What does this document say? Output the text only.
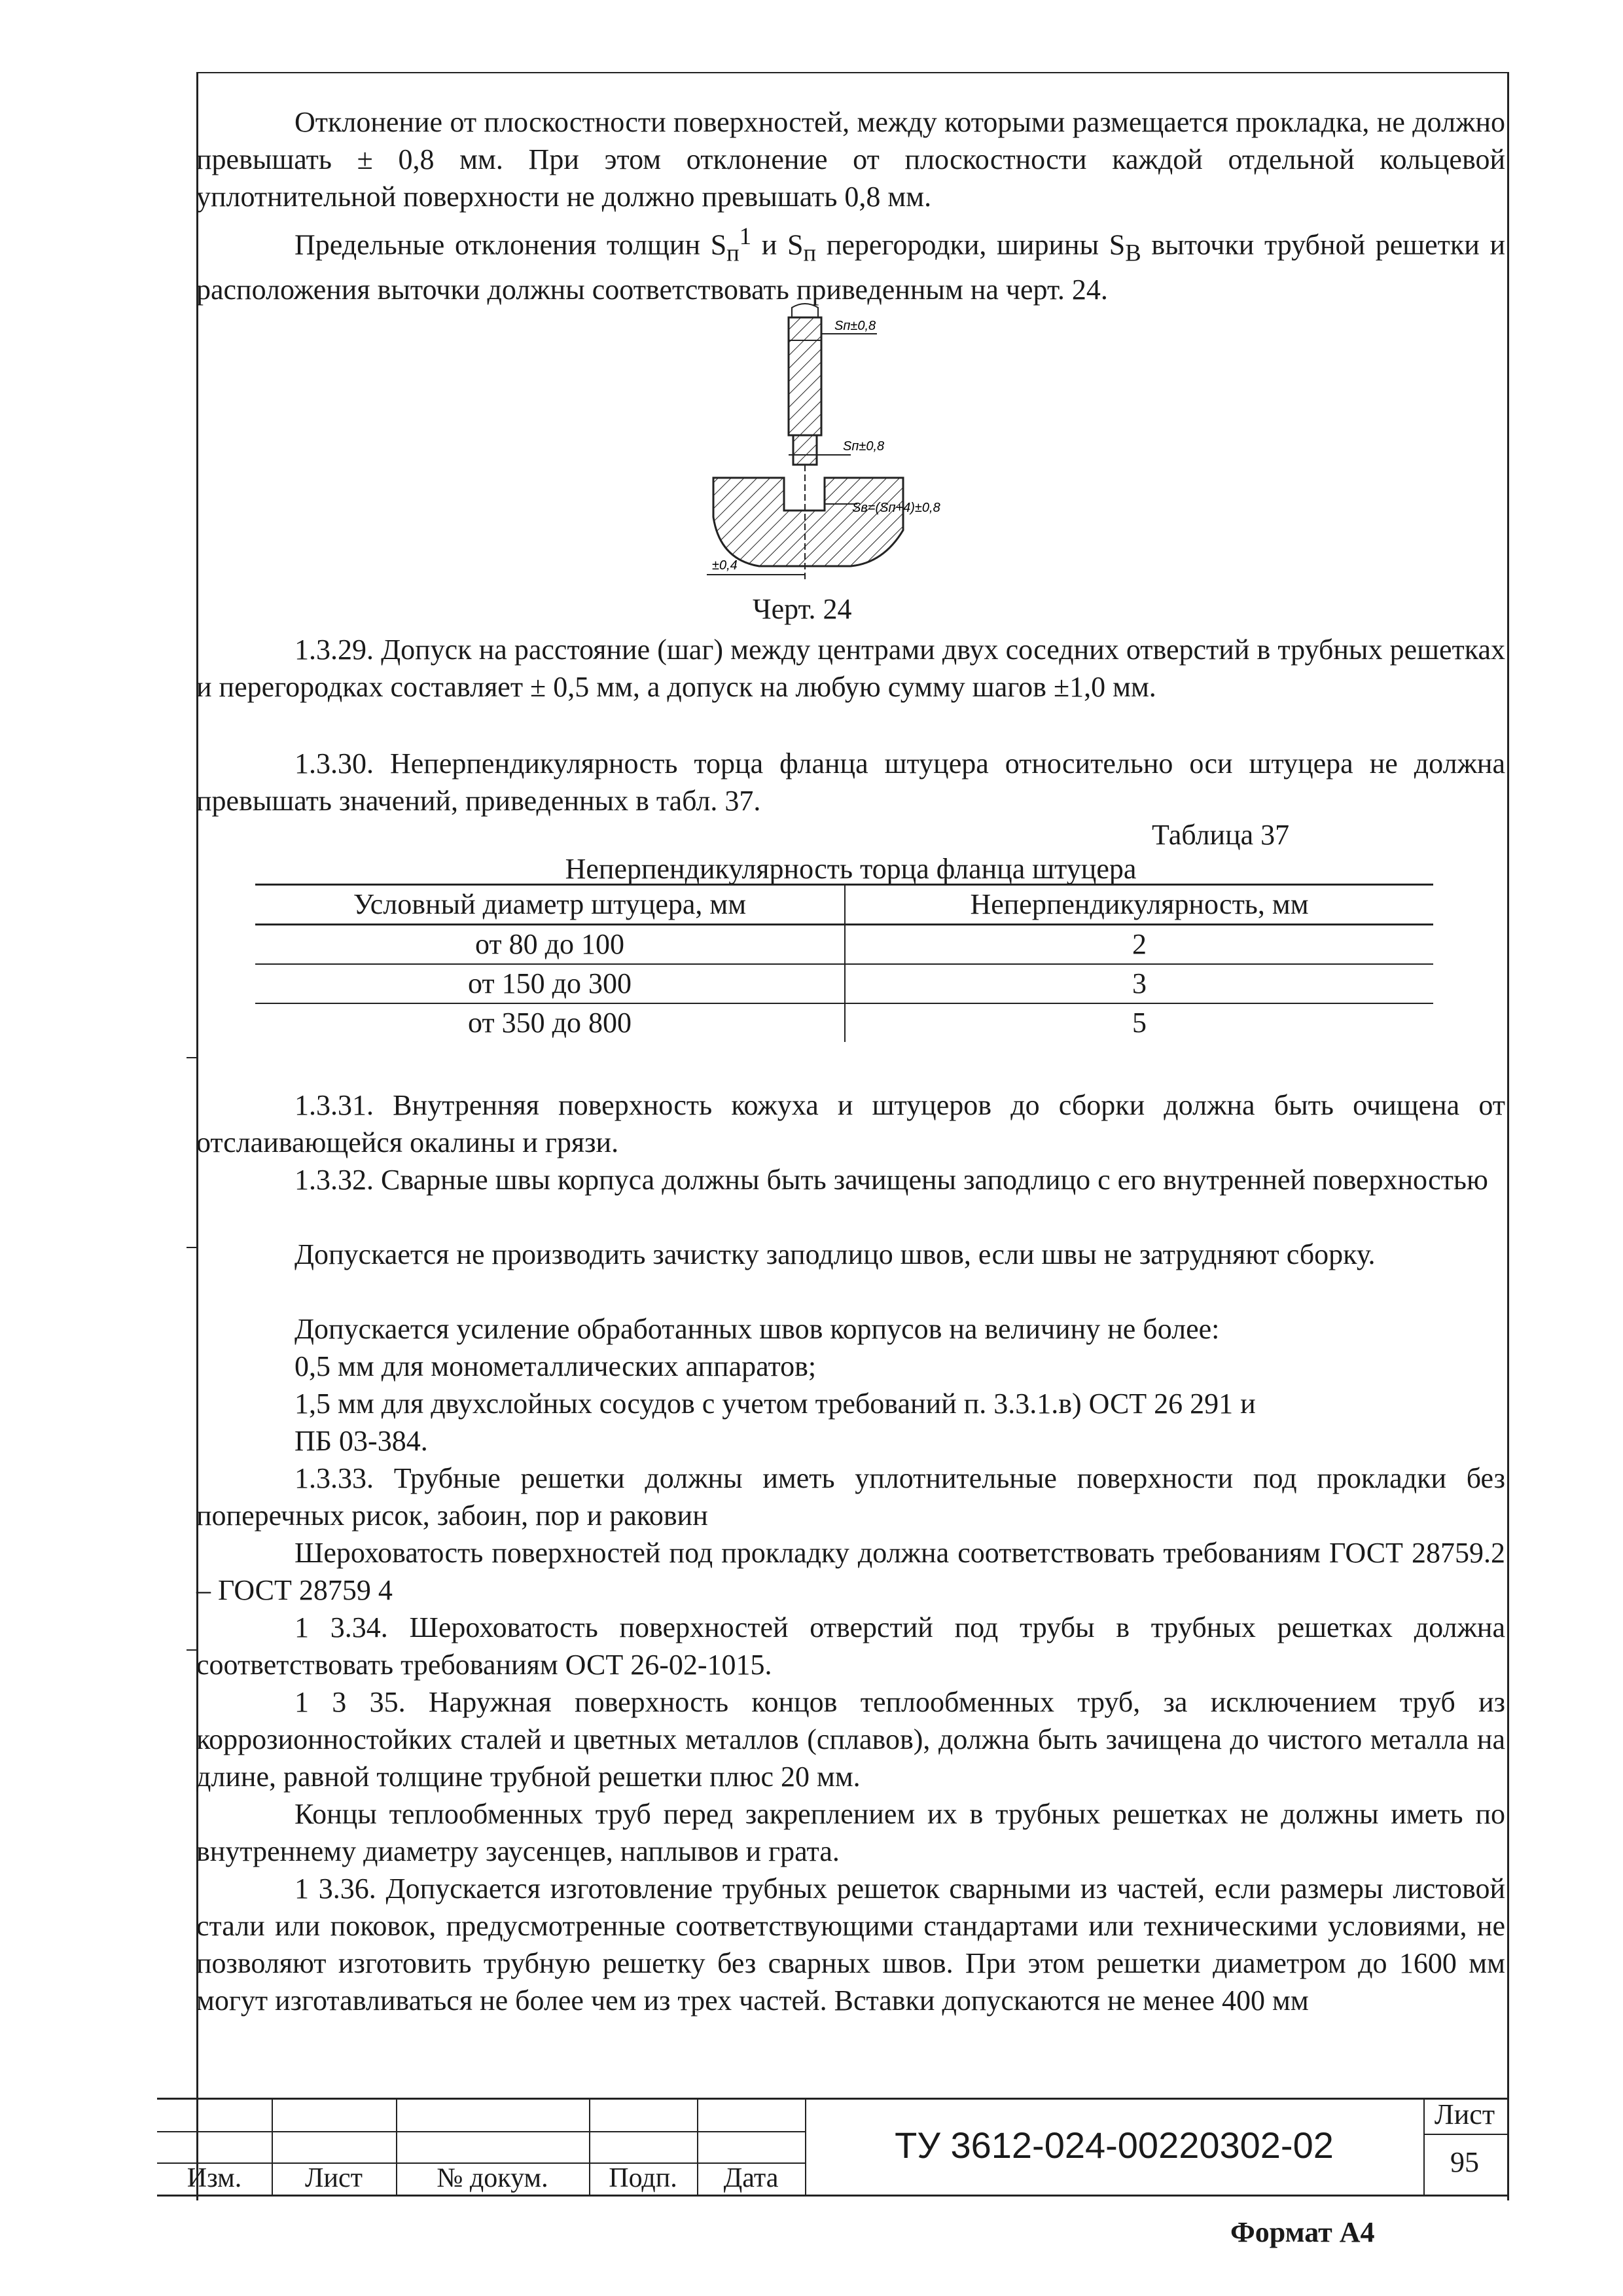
Отклонение от плоскостности поверхностей, между которыми размещается прокладка, не должно превышать ± 0,8 мм. При этом отклонение от плоскостности каждой отдельной кольцевой уплотнительной поверхности не должно превышать 0,8 мм.

Предельные отклонения толщин $S_п^1$ и $S_п$ перегородки, ширины $S_В$ выточки трубной решетки и расположения выточки должны соответствовать приведенным на черт. 24.

Sп±0,8
Sп±0,8
Sв=(Sп+4)±0,8
±0,4
Черт. 24

1.3.29. Допуск на расстояние (шаг) между центрами двух соседних отверстий в трубных решетках и перегородках составляет ± 0,5 мм, а допуск на любую сумму шагов ±1,0 мм.

1.3.30. Неперпендикулярность торца фланца штуцера относительно оси штуцера не должна превышать значений, приведенных в табл. 37.

Таблица 37
Неперпендикулярность торца фланца штуцера
Условный диаметр штуцера, мм	Неперпендикулярность, мм
от 80 до 100	2
от 150 до 300	3
от 350 до 800	5

1.3.31. Внутренняя поверхность кожуха и штуцеров до сборки должна быть очищена от отслаивающейся окалины и грязи.

1.3.32. Сварные швы корпуса должны быть зачищены заподлицо с его внутренней поверхностью

Допускается не производить зачистку заподлицо швов, если швы не затрудняют сборку.

Допускается усиление обработанных швов корпусов на величину не более:

0,5 мм для монометаллических аппаратов;

1,5 мм для двухслойных сосудов с учетом требований п. 3.3.1.в) ОСТ 26 291 и

ПБ 03-384.

1.3.33. Трубные решетки должны иметь уплотнительные поверхности под прокладки без поперечных рисок, забоин, пор и раковин

Шероховатость поверхностей под прокладку должна соответствовать требованиям ГОСТ 28759.2 – ГОСТ 28759 4

1 3.34. Шероховатость поверхностей отверстий под трубы в трубных решетках должна соответствовать требованиям ОСТ 26-02-1015.

1 3 35. Наружная поверхность концов теплообменных труб, за исключением труб из коррозионностойких сталей и цветных металлов (сплавов), должна быть зачищена до чистого металла на длине, равной толщине трубной решетки плюс 20 мм.

Концы теплообменных труб перед закреплением их в трубных решетках не должны иметь по внутреннему диаметру заусенцев, наплывов и грата.

1 3.36. Допускается изготовление трубных решеток сварными из частей, если размеры листовой стали или поковок, предусмотренные соответствующими стандартами или техническими условиями, не позволяют изготовить трубную решетку без сварных швов. При этом решетки диаметром до 1600 мм могут изготавливаться не более чем из трех частей. Вставки допускаются не менее 400 мм

Изм.	Лист	№ докум.	Подп.	Дата
ТУ 3612-024-00220302-02
Лист
95
Формат А4
